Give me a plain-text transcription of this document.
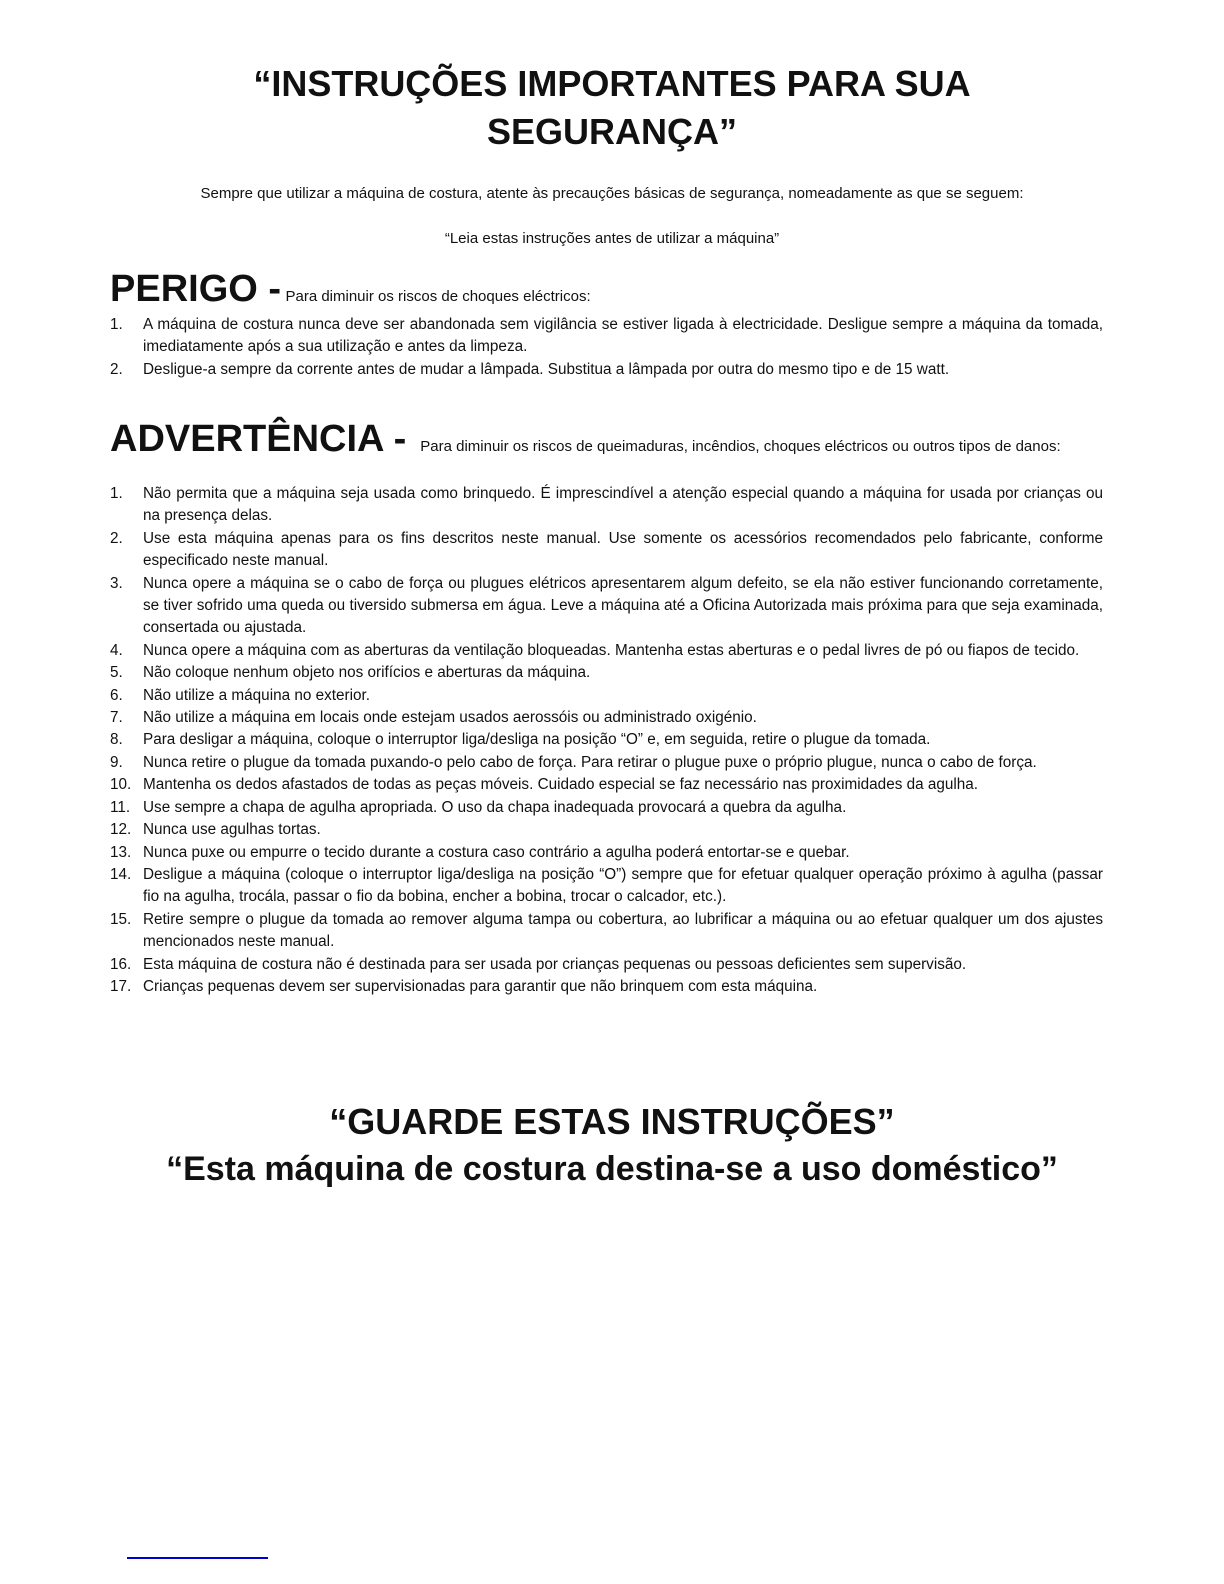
“INSTRUÇÕES IMPORTANTES PARA SUA
SEGURANÇA”
Sempre que utilizar a máquina de costura, atente às precauções básicas de segurança, nomeadamente as que se seguem:
“Leia estas instruções antes de utilizar a máquina”
PERIGO - Para diminuir os riscos de choques eléctricos:
1.	A máquina de costura nunca deve ser abandonada sem vigilância se estiver ligada à electricidade. Desligue sempre a máquina da tomada, imediatamente após a sua utilização e antes da limpeza.
2.	Desligue-a sempre da corrente antes de mudar a lâmpada. Substitua a lâmpada por outra do mesmo tipo e de 15 watt.
ADVERTÊNCIA - Para diminuir os riscos de queimaduras, incêndios, choques eléctricos ou outros tipos de danos:
1.	Não permita que a máquina seja usada como brinquedo. É imprescindível a atenção especial quando a máquina for usada por crianças ou na presença delas.
2.	Use esta máquina apenas para os fins descritos neste manual. Use somente os acessórios recomendados pelo fabricante, conforme especificado neste manual.
3.	Nunca opere a máquina se o cabo de força ou plugues elétricos apresentarem algum defeito, se ela não estiver funcionando corretamente, se tiver sofrido uma queda ou tiversido submersa em água. Leve a máquina até a Oficina Autorizada mais próxima para que seja examinada, consertada ou ajustada.
4.	Nunca opere a máquina com as aberturas da ventilação bloqueadas. Mantenha estas aberturas e o pedal livres de pó ou fiapos de tecido.
5.	Não coloque nenhum objeto nos orifícios e aberturas da máquina.
6.	Não utilize a máquina no exterior.
7.	Não utilize a máquina em locais onde estejam usados aerossóis ou administrado oxigénio.
8.	Para desligar a máquina, coloque o interruptor liga/desliga na posição “O” e, em seguida, retire o plugue da tomada.
9.	Nunca retire o plugue da tomada puxando-o pelo cabo de força. Para retirar o plugue puxe o próprio plugue, nunca o cabo de força.
10. Mantenha os dedos afastados de todas as peças móveis. Cuidado especial se faz necessário nas proximidades da agulha.
11. Use sempre a chapa de agulha apropriada. O uso da chapa inadequada provocará a quebra da agulha.
12. Nunca use agulhas tortas.
13. Nunca puxe ou empurre o tecido durante a costura caso contrário a agulha poderá entortar-se e quebar.
14. Desligue a máquina (coloque o interruptor liga/desliga na posição “O”) sempre que for efetuar qualquer operação próximo à agulha (passar fio na agulha, trocála, passar o fio da bobina, encher a bobina, trocar o calcador, etc.).
15. Retire sempre o plugue da tomada ao remover alguma tampa ou cobertura, ao lubrificar a máquina ou ao efetuar qualquer um dos ajustes mencionados neste manual.
16. Esta máquina de costura não é destinada para ser usada por crianças pequenas ou pessoas deficientes sem supervisão.
17. Crianças pequenas devem ser supervisionadas para garantir que não brinquem com esta máquina.
“GUARDE ESTAS INSTRUÇÕES”
“Esta máquina de costura destina-se a uso doméstico”
